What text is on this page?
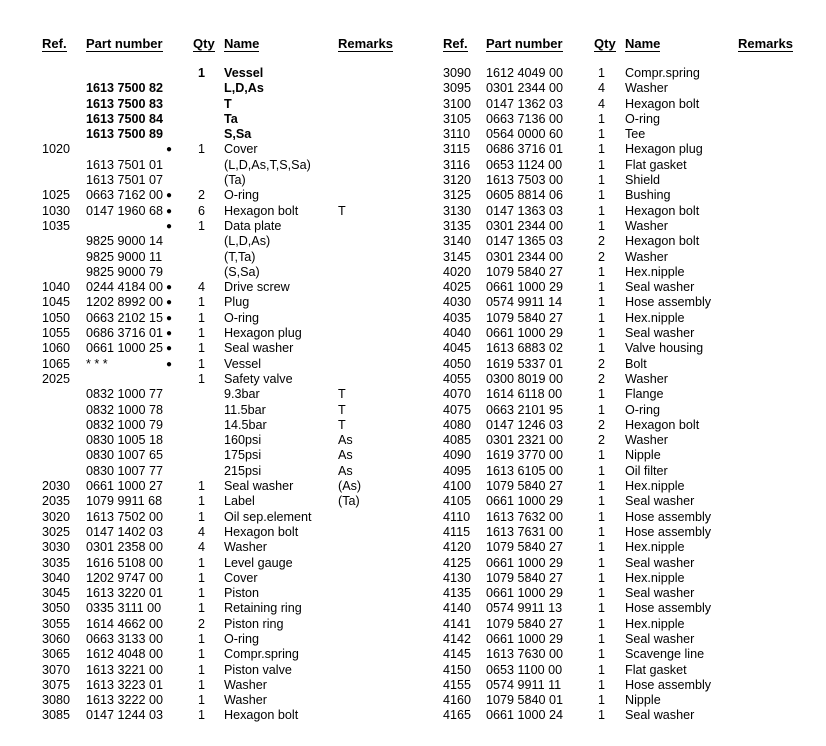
Ref. Part number Qty Name	Remarks
1 Vessel
1613 7500 82	L,D,As
1613 7500 83	T
1613 7500 84	Ta
1613 7500 89	S,Sa
1020	● 1 Cover
1613 7501 01	(L,D,As,T,S,Sa)
1613 7501 07	(Ta)
1025 0663 7162 00 ● 2 O-ring
1030 0147 1960 68 ● 6 Hexagon bolt	T
1035	● 1 Data plate
9825 9000 14	(L,D,As)
9825 9000 11	(T,Ta)
9825 9000 79	(S,Sa)
1040 0244 4184 00 ● 4 Drive screw
1045 1202 8992 00 ● 1 Plug
1050 0663 2102 15 ● 1 O-ring
1055 0686 3716 01 ● 1 Hexagon plug
1060 0661 1000 25 ● 1 Seal washer
1065 * * *	● 1 Vessel
2025	1 Safety valve
0832 1000 77	9.3bar	T
0832 1000 78	11.5bar	T
0832 1000 79	14.5bar	T
0830 1005 18	160psi	As
0830 1007 65	175psi	As
0830 1007 77	215psi	As
2030 0661 1000 27	1 Seal washer	(As)
2035 1079 9911 68	1 Label	(Ta)
3020 1613 7502 00	1 Oil sep.element
3025 0147 1402 03	4 Hexagon bolt
3030 0301 2358 00	4 Washer
3035 1616 5108 00	1 Level gauge
3040 1202 9747 00	1 Cover
3045 1613 3220 01	1 Piston
3050 0335 3111 00	1 Retaining ring
3055 1614 4662 00	2 Piston ring
3060 0663 3133 00	1 O-ring
3065 1612 4048 00	1 Compr.spring
3070 1613 3221 00	1 Piston valve
3075 1613 3223 01	1 Washer
3080 1613 3222 00	1 Washer
3085 0147 1244 03	1 Hexagon bolt
Ref. Part number Qty Name	Remarks
3090 1612 4049 00	1 Compr.spring
3095 0301 2344 00	4 Washer
3100 0147 1362 03	4 Hexagon bolt
3105 0663 7136 00	1 O-ring
3110 0564 0000 60	1 Tee
3115 0686 3716 01	1 Hexagon plug
3116 0653 1124 00	1 Flat gasket
3120 1613 7503 00	1 Shield
3125 0605 8814 06	1 Bushing
3130 0147 1363 03	1 Hexagon bolt
3135 0301 2344 00	1 Washer
3140 0147 1365 03	2 Hexagon bolt
3145 0301 2344 00	2 Washer
4020 1079 5840 27	1 Hex.nipple
4025 0661 1000 29	1 Seal washer
4030 0574 9911 14	1 Hose assembly
4035 1079 5840 27	1 Hex.nipple
4040 0661 1000 29	1 Seal washer
4045 1613 6883 02	1 Valve housing
4050 1619 5337 01	2 Bolt
4055 0300 8019 00	2 Washer
4070 1614 6118 00	1 Flange
4075 0663 2101 95	1 O-ring
4080 0147 1246 03	2 Hexagon bolt
4085 0301 2321 00	2 Washer
4090 1619 3770 00	1 Nipple
4095 1613 6105 00	1 Oil filter
4100 1079 5840 27	1 Hex.nipple
4105 0661 1000 29	1 Seal washer
4110 1613 7632 00	1 Hose assembly
4115 1613 7631 00	1 Hose assembly
4120 1079 5840 27	1 Hex.nipple
4125 0661 1000 29	1 Seal washer
4130 1079 5840 27	1 Hex.nipple
4135 0661 1000 29	1 Seal washer
4140 0574 9911 13	1 Hose assembly
4141 1079 5840 27	1 Hex.nipple
4142 0661 1000 29	1 Seal washer
4145 1613 7630 00	1 Scavenge line
4150 0653 1100 00	1 Flat gasket
4155 0574 9911 11	1 Hose assembly
4160 1079 5840 01	1 Nipple
4165 0661 1000 24	1 Seal washer
